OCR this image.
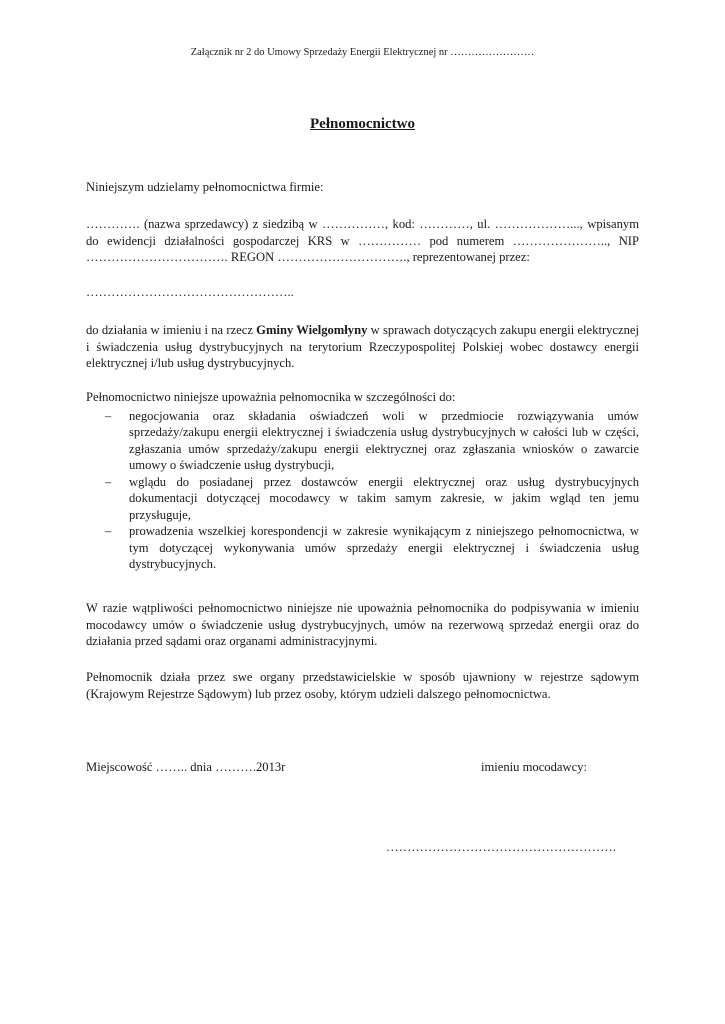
Załącznik nr 2 do Umowy Sprzedaży Energii Elektrycznej nr ……………………
Pełnomocnictwo
Niniejszym udzielamy pełnomocnictwa firmie:
…………. (nazwa sprzedawcy) z siedzibą w ……………, kod: …………, ul. ………………..., wpisanym do ewidencji działalności gospodarczej KRS w …………… pod numerem ………………….., NIP ……………………………. REGON …………………………., reprezentowanej przez:
…………………………………………..
do działania w imieniu i na rzecz Gminy Wielgomłyny w sprawach dotyczących zakupu energii elektrycznej i świadczenia usług dystrybucyjnych na terytorium Rzeczypospolitej Polskiej wobec dostawcy energii elektrycznej i/lub usług dystrybucyjnych.
Pełnomocnictwo niniejsze upoważnia pełnomocnika w szczególności do:
– negocjowania oraz składania oświadczeń woli w przedmiocie rozwiązywania umów sprzedaży/zakupu energii elektrycznej i świadczenia usług dystrybucyjnych w całości lub w części, zgłaszania umów sprzedaży/zakupu energii elektrycznej oraz zgłaszania wniosków o zawarcie umowy o świadczenie usług dystrybucji,
– wglądu do posiadanej przez dostawców energii elektrycznej oraz usług dystrybucyjnych dokumentacji dotyczącej mocodawcy w takim samym zakresie, w jakim wgląd ten jemu przysługuje,
– prowadzenia wszelkiej korespondencji w zakresie wynikającym z niniejszego pełnomocnictwa, w tym dotyczącej wykonywania umów sprzedaży energii elektrycznej i świadczenia usług dystrybucyjnych.
W razie wątpliwości pełnomocnictwo niniejsze nie upoważnia pełnomocnika do podpisywania w imieniu mocodawcy umów o świadczenie usług dystrybucyjnych, umów na rezerwową sprzedaż energii oraz do działania przed sądami oraz organami administracyjnymi.
Pełnomocnik działa przez swe organy przedstawicielskie w sposób ujawniony w rejestrze sądowym (Krajowym Rejestrze Sądowym) lub przez osoby, którym udzieli dalszego pełnomocnictwa.
Miejscowość …….. dnia ……….2013r	imieniu mocodawcy:
……………………………………………….
